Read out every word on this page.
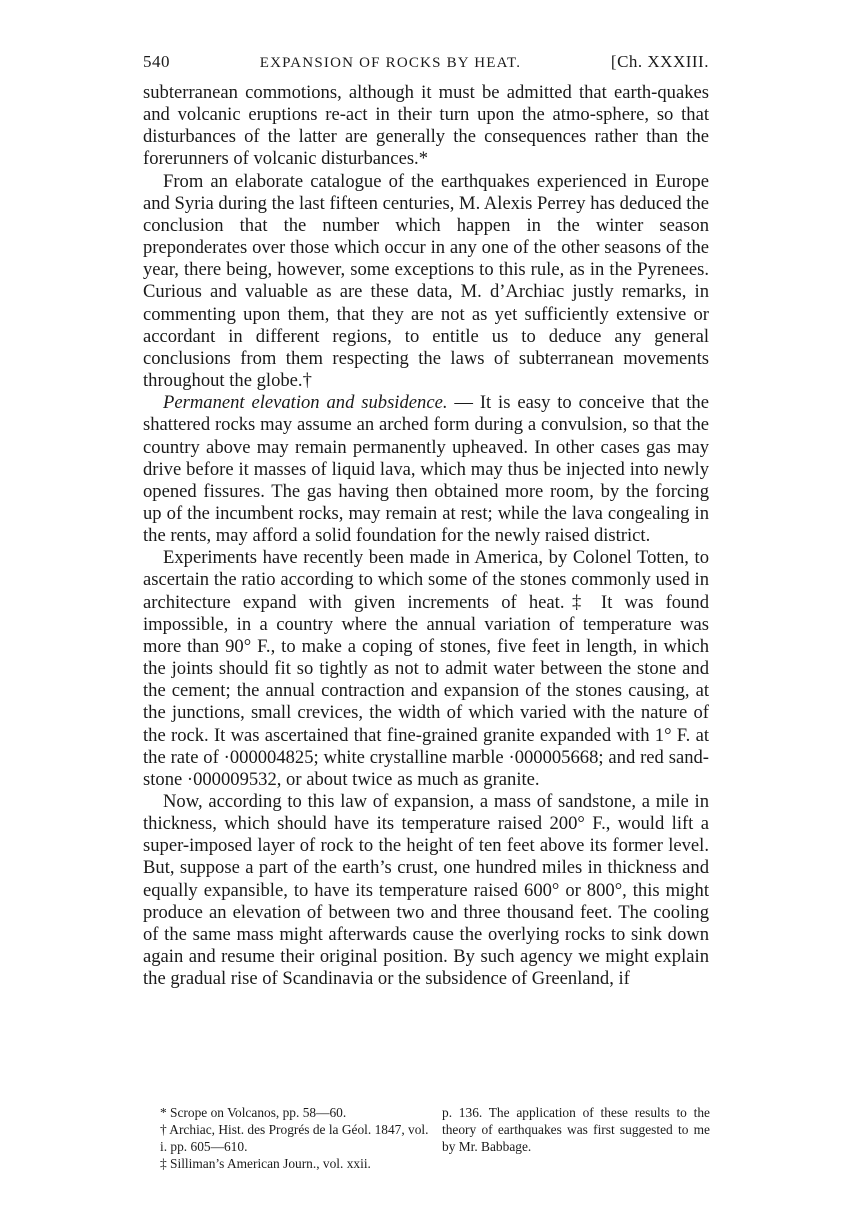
540	EXPANSION OF ROCKS BY HEAT.	[Ch. XXXIII.

subterranean commotions, although it must be admitted that earth-quakes and volcanic eruptions re-act in their turn upon the atmo-sphere, so that disturbances of the latter are generally the consequences rather than the forerunners of volcanic disturbances.*

From an elaborate catalogue of the earthquakes experienced in Europe and Syria during the last fifteen centuries, M. Alexis Perrey has deduced the conclusion that the number which happen in the winter season preponderates over those which occur in any one of the other seasons of the year, there being, however, some exceptions to this rule, as in the Pyrenees. Curious and valuable as are these data, M. d’Archiac justly remarks, in commenting upon them, that they are not as yet sufficiently extensive or accordant in different regions, to entitle us to deduce any general conclusions from them respecting the laws of subterranean movements throughout the globe.†

Permanent elevation and subsidence. — It is easy to conceive that the shattered rocks may assume an arched form during a convulsion, so that the country above may remain permanently upheaved. In other cases gas may drive before it masses of liquid lava, which may thus be injected into newly opened fissures. The gas having then obtained more room, by the forcing up of the incumbent rocks, may remain at rest; while the lava congealing in the rents, may afford a solid foundation for the newly raised district.

Experiments have recently been made in America, by Colonel Totten, to ascertain the ratio according to which some of the stones commonly used in architecture expand with given increments of heat.‡ It was found impossible, in a country where the annual variation of temperature was more than 90° F., to make a coping of stones, five feet in length, in which the joints should fit so tightly as not to admit water between the stone and the cement; the annual contraction and expansion of the stones causing, at the junctions, small crevices, the width of which varied with the nature of the rock. It was ascertained that fine-grained granite expanded with 1° F. at the rate of ·000004825; white crystalline marble ·000005668; and red sand-stone ·000009532, or about twice as much as granite.

Now, according to this law of expansion, a mass of sandstone, a mile in thickness, which should have its temperature raised 200° F., would lift a super-imposed layer of rock to the height of ten feet above its former level. But, suppose a part of the earth’s crust, one hundred miles in thickness and equally expansible, to have its temperature raised 600° or 800°, this might produce an elevation of between two and three thousand feet. The cooling of the same mass might afterwards cause the overlying rocks to sink down again and resume their original position. By such agency we might explain the gradual rise of Scandinavia or the subsidence of Greenland, if

* Scrope on Volcanos, pp. 58—60.
† Archiac, Hist. des Progrés de la Géol. 1847, vol. i. pp. 605—610.
‡ Silliman’s American Journ., vol. xxii.
p. 136. The application of these results to the theory of earthquakes was first suggested to me by Mr. Babbage.
